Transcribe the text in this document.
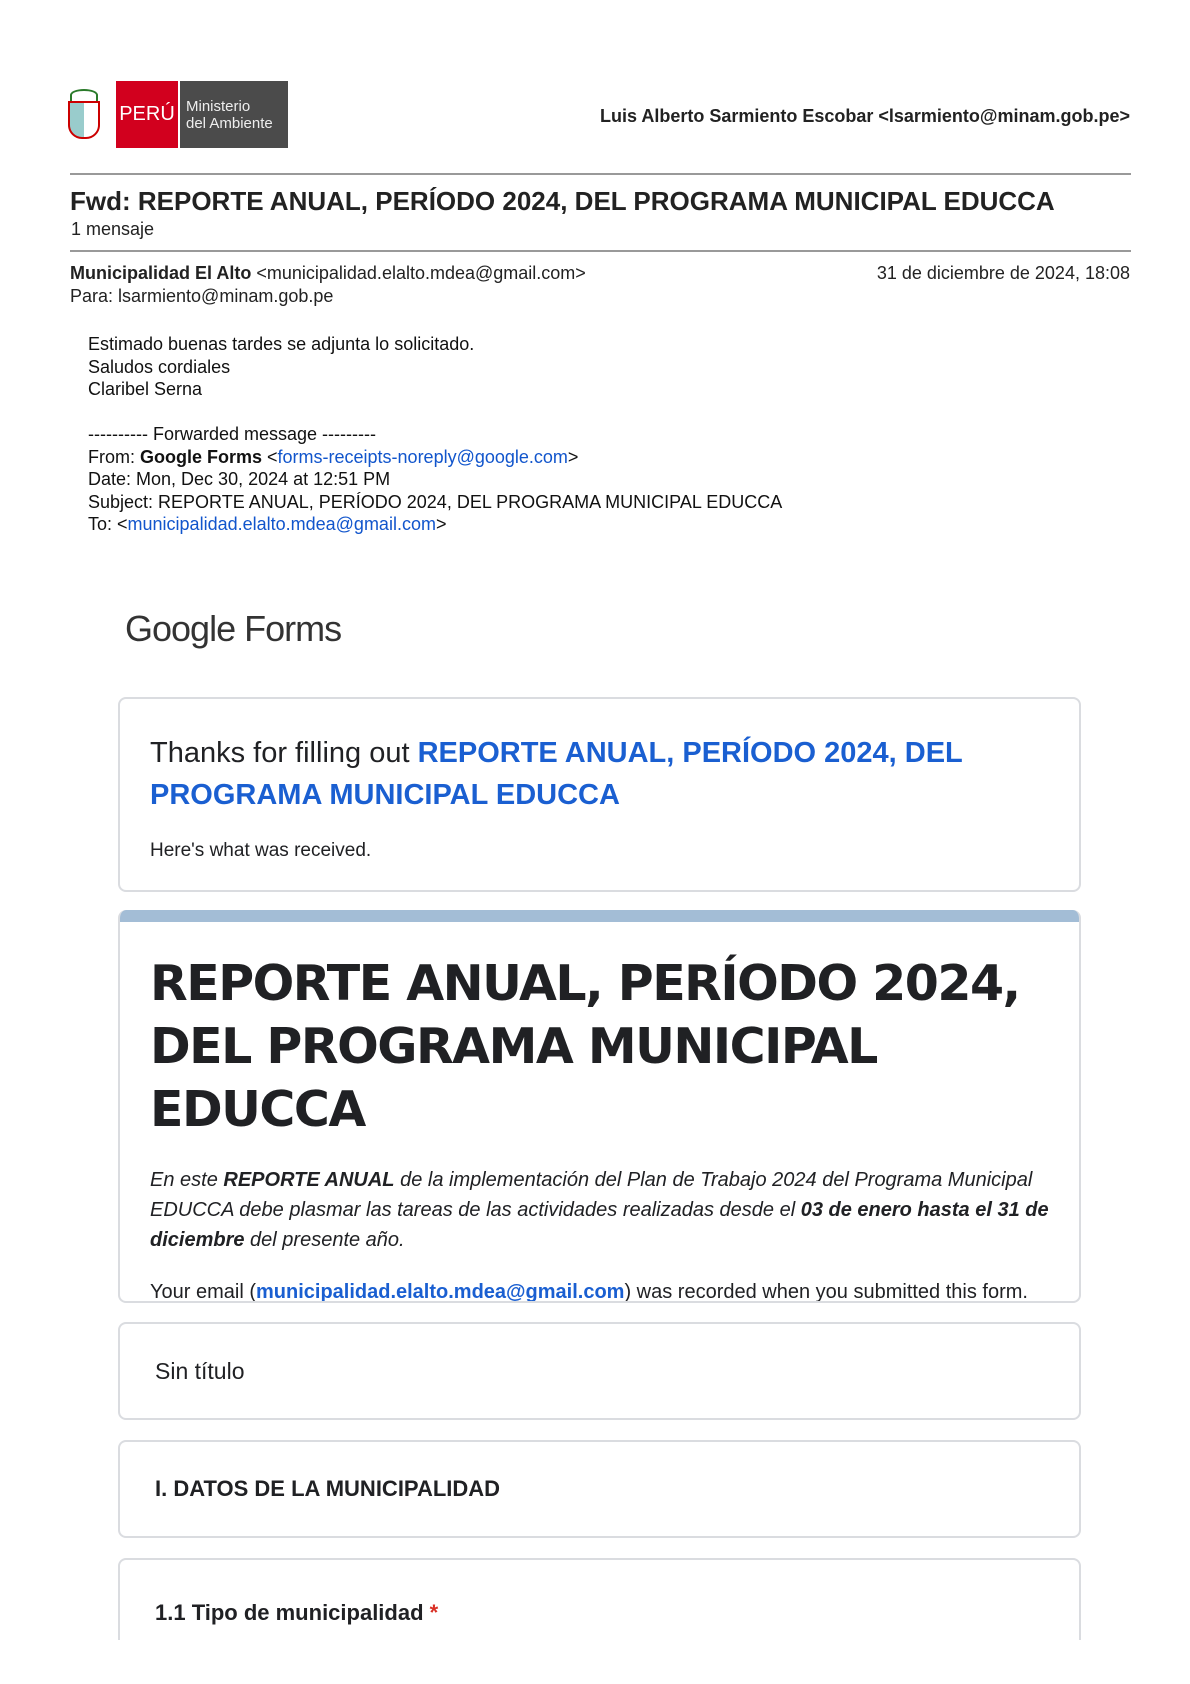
PERÚ Ministerio
del Ambiente	Luis Alberto Sarmiento Escobar <lsarmiento@minam.gob.pe>
Fwd: REPORTE ANUAL, PERÍODO 2024, DEL PROGRAMA MUNICIPAL EDUCCA
1 mensaje
Municipalidad El Alto <municipalidad.elalto.mdea@gmail.com>	31 de diciembre de 2024, 18:08
Para: lsarmiento@minam.gob.pe
Estimado buenas tardes se adjunta lo solicitado.
Saludos cordiales
Claribel Serna
---------- Forwarded message ---------
From: Google Forms <forms-receipts-noreply@google.com>
Date: Mon, Dec 30, 2024 at 12:51 PM
Subject: REPORTE ANUAL, PERÍODO 2024, DEL PROGRAMA MUNICIPAL EDUCCA
To: <municipalidad.elalto.mdea@gmail.com>
Google Forms
Thanks for filling out REPORTE ANUAL, PERÍODO 2024, DEL PROGRAMA MUNICIPAL EDUCCA
Here's what was received.
REPORTE ANUAL, PERÍODO 2024, DEL PROGRAMA MUNICIPAL EDUCCA
En este REPORTE ANUAL de la implementación del Plan de Trabajo 2024 del Programa Municipal EDUCCA debe plasmar las tareas de las actividades realizadas desde el 03 de enero hasta el 31 de diciembre del presente año.
Your email (municipalidad.elalto.mdea@gmail.com) was recorded when you submitted this form.
Sin título
I. DATOS DE LA MUNICIPALIDAD
1.1 Tipo de municipalidad *
